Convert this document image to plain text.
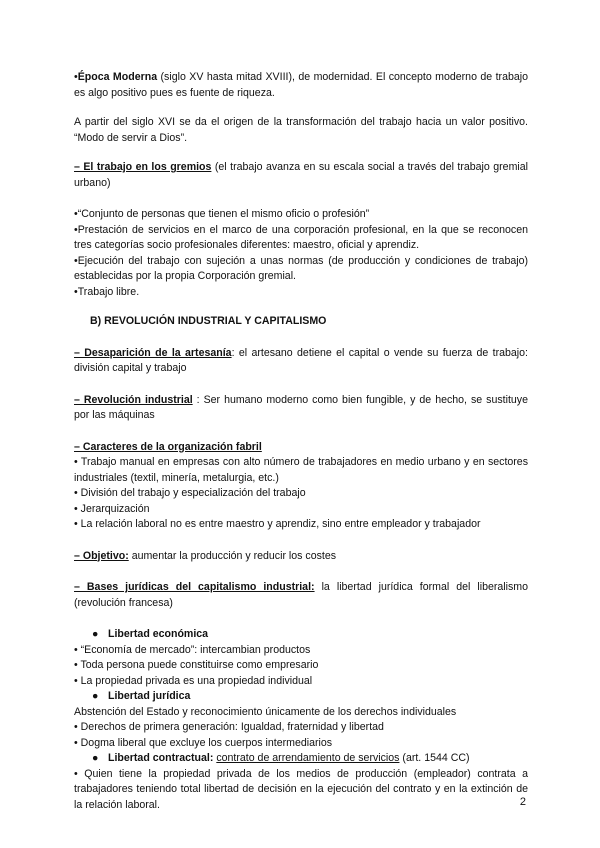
•Época Moderna (siglo XV hasta mitad XVIII), de modernidad. El concepto moderno de trabajo es algo positivo pues es fuente de riqueza.

A partir del siglo XVI se da el origen de la transformación del trabajo hacia un valor positivo. “Modo de servir a Dios”.

– El trabajo en los gremios (el trabajo avanza en su escala social a través del trabajo gremial urbano)

•“Conjunto de personas que tienen el mismo oficio o profesión”

•Prestación de servicios en el marco de una corporación profesional, en la que se reconocen tres categorías socio profesionales diferentes: maestro, oficial y aprendiz.

•Ejecución del trabajo con sujeción a unas normas (de producción y condiciones de trabajo) establecidas por la propia Corporación gremial.

•Trabajo libre.

B) REVOLUCIÓN INDUSTRIAL Y CAPITALISMO

– Desaparición de la artesanía: el artesano detiene el capital o vende su fuerza de trabajo: división capital y trabajo

– Revolución industrial : Ser humano moderno como bien fungible, y de hecho, se sustituye por las máquinas

– Caracteres de la organización fabril

• Trabajo manual en empresas con alto número de trabajadores en medio urbano y en sectores industriales (textil, minería, metalurgia, etc.)

• División del trabajo y especialización del trabajo

• Jerarquización

• La relación laboral no es entre maestro y aprendiz, sino entre empleador y trabajador

– Objetivo: aumentar la producción y reducir los costes

– Bases jurídicas del capitalismo industrial: la libertad jurídica formal del liberalismo (revolución francesa)

● Libertad económica

• “Economía de mercado”: intercambian productos

• Toda persona puede constituirse como empresario

• La propiedad privada es una propiedad individual

● Libertad jurídica

Abstención del Estado y reconocimiento únicamente de los derechos individuales

• Derechos de primera generación: Igualdad, fraternidad y libertad

• Dogma liberal que excluye los cuerpos intermediarios

● Libertad contractual: contrato de arrendamiento de servicios (art. 1544 CC)

• Quien tiene la propiedad privada de los medios de producción (empleador) contrata a trabajadores teniendo total libertad de decisión en la ejecución del contrato y en la extinción de la relación laboral.	2
